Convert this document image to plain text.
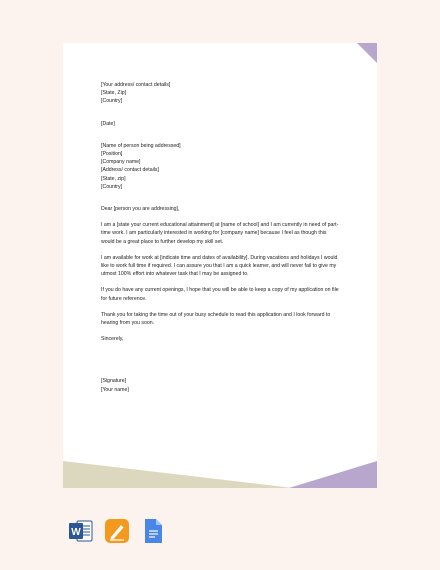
[Your address/ contact details]
[State, Zip]
[Country]
[Date]
[Name of person being addressed]
[Position]
[Company name]
[Address/ contact details]
[State, zip]
[Country]
Dear [person you are addressing],
I am a [state your current educational attainment] at [name of school] and I am currently in need of part-time work. I am particularly interested in working for [company name] because I feel as though this would be a great place to further develop my skill set.
I am available for work at [indicate time and dates of availability]. During vacations and holidays I would like to work full time if required. I can assure you that I am a quick learner, and will never fail to give my utmost 100% effort into whatever task that I may be assigned to.
If you do have any current openings, I hope that you will be able to keep a copy of my application on file for future reference.
Thank you for taking the time out of your busy schedule to read this application and I look forward to hearing from you soon.
Sincerely,
[Signature]
[Your name]
W
